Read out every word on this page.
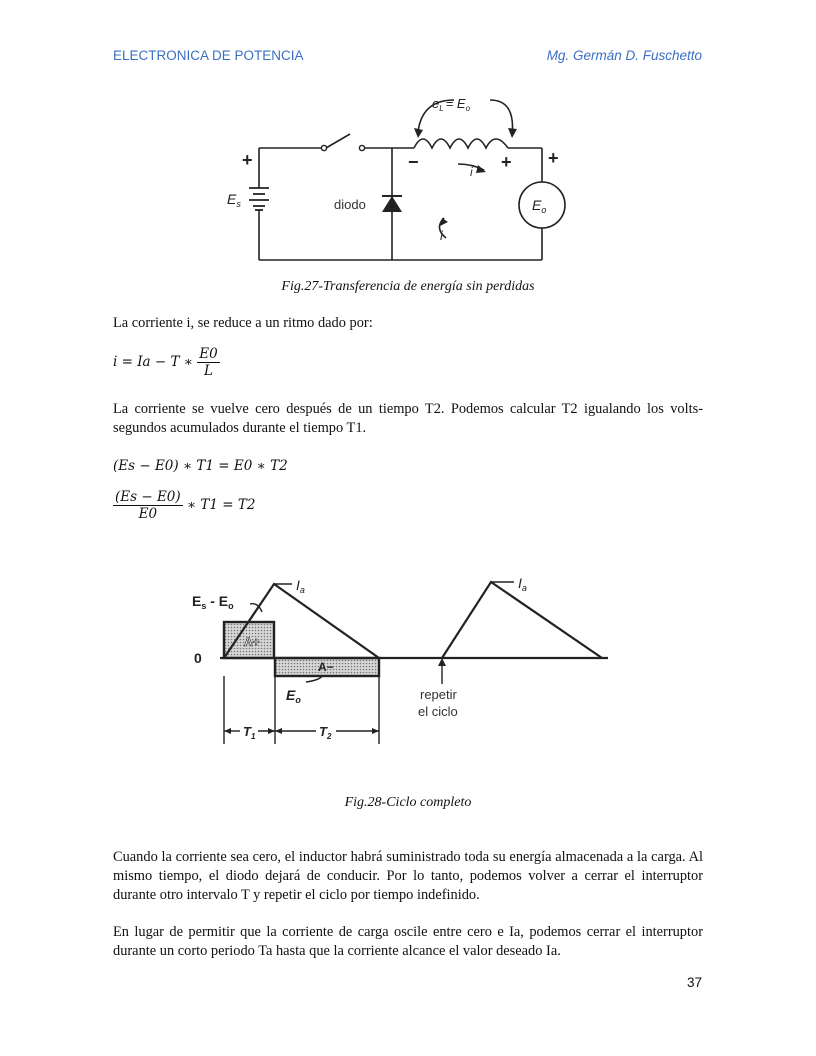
ELECTRONICA DE POTENCIA	Mg. Germán D. Fuschetto
+
$E_s$	diodo
$e_L = E_o$
−	+ +
$E_o$
i
i
Fig.27-Transferencia de energía sin perdidas
La corriente i, se reduce a un ritmo dado por:
i = Ia − T ∗ $\frac{E0}{L}$
La corriente se vuelve cero después de un tiempo T2. Podemos calcular T2 igualando los volts-segundos acumulados durante el tiempo T1.
(Es − E0) ∗ T1 = E0 ∗ T2
$\frac{(Es - E0)}{E0}$ ∗ T1 = T2
$E_s - E_o$
$I_a$	$I_a$
0
A+
A−
$E_o$	repetir
el ciclo
$T_1$	$T_2$
Fig.28-Ciclo completo
Cuando la corriente sea cero, el inductor habrá suministrado toda su energía almacenada a la carga. Al mismo tiempo, el diodo dejará de conducir. Por lo tanto, podemos volver a cerrar el interruptor durante otro intervalo T y repetir el ciclo por tiempo indefinido.
En lugar de permitir que la corriente de carga oscile entre cero e Ia, podemos cerrar el interruptor durante un corto periodo Ta hasta que la corriente alcance el valor deseado Ia.
37
